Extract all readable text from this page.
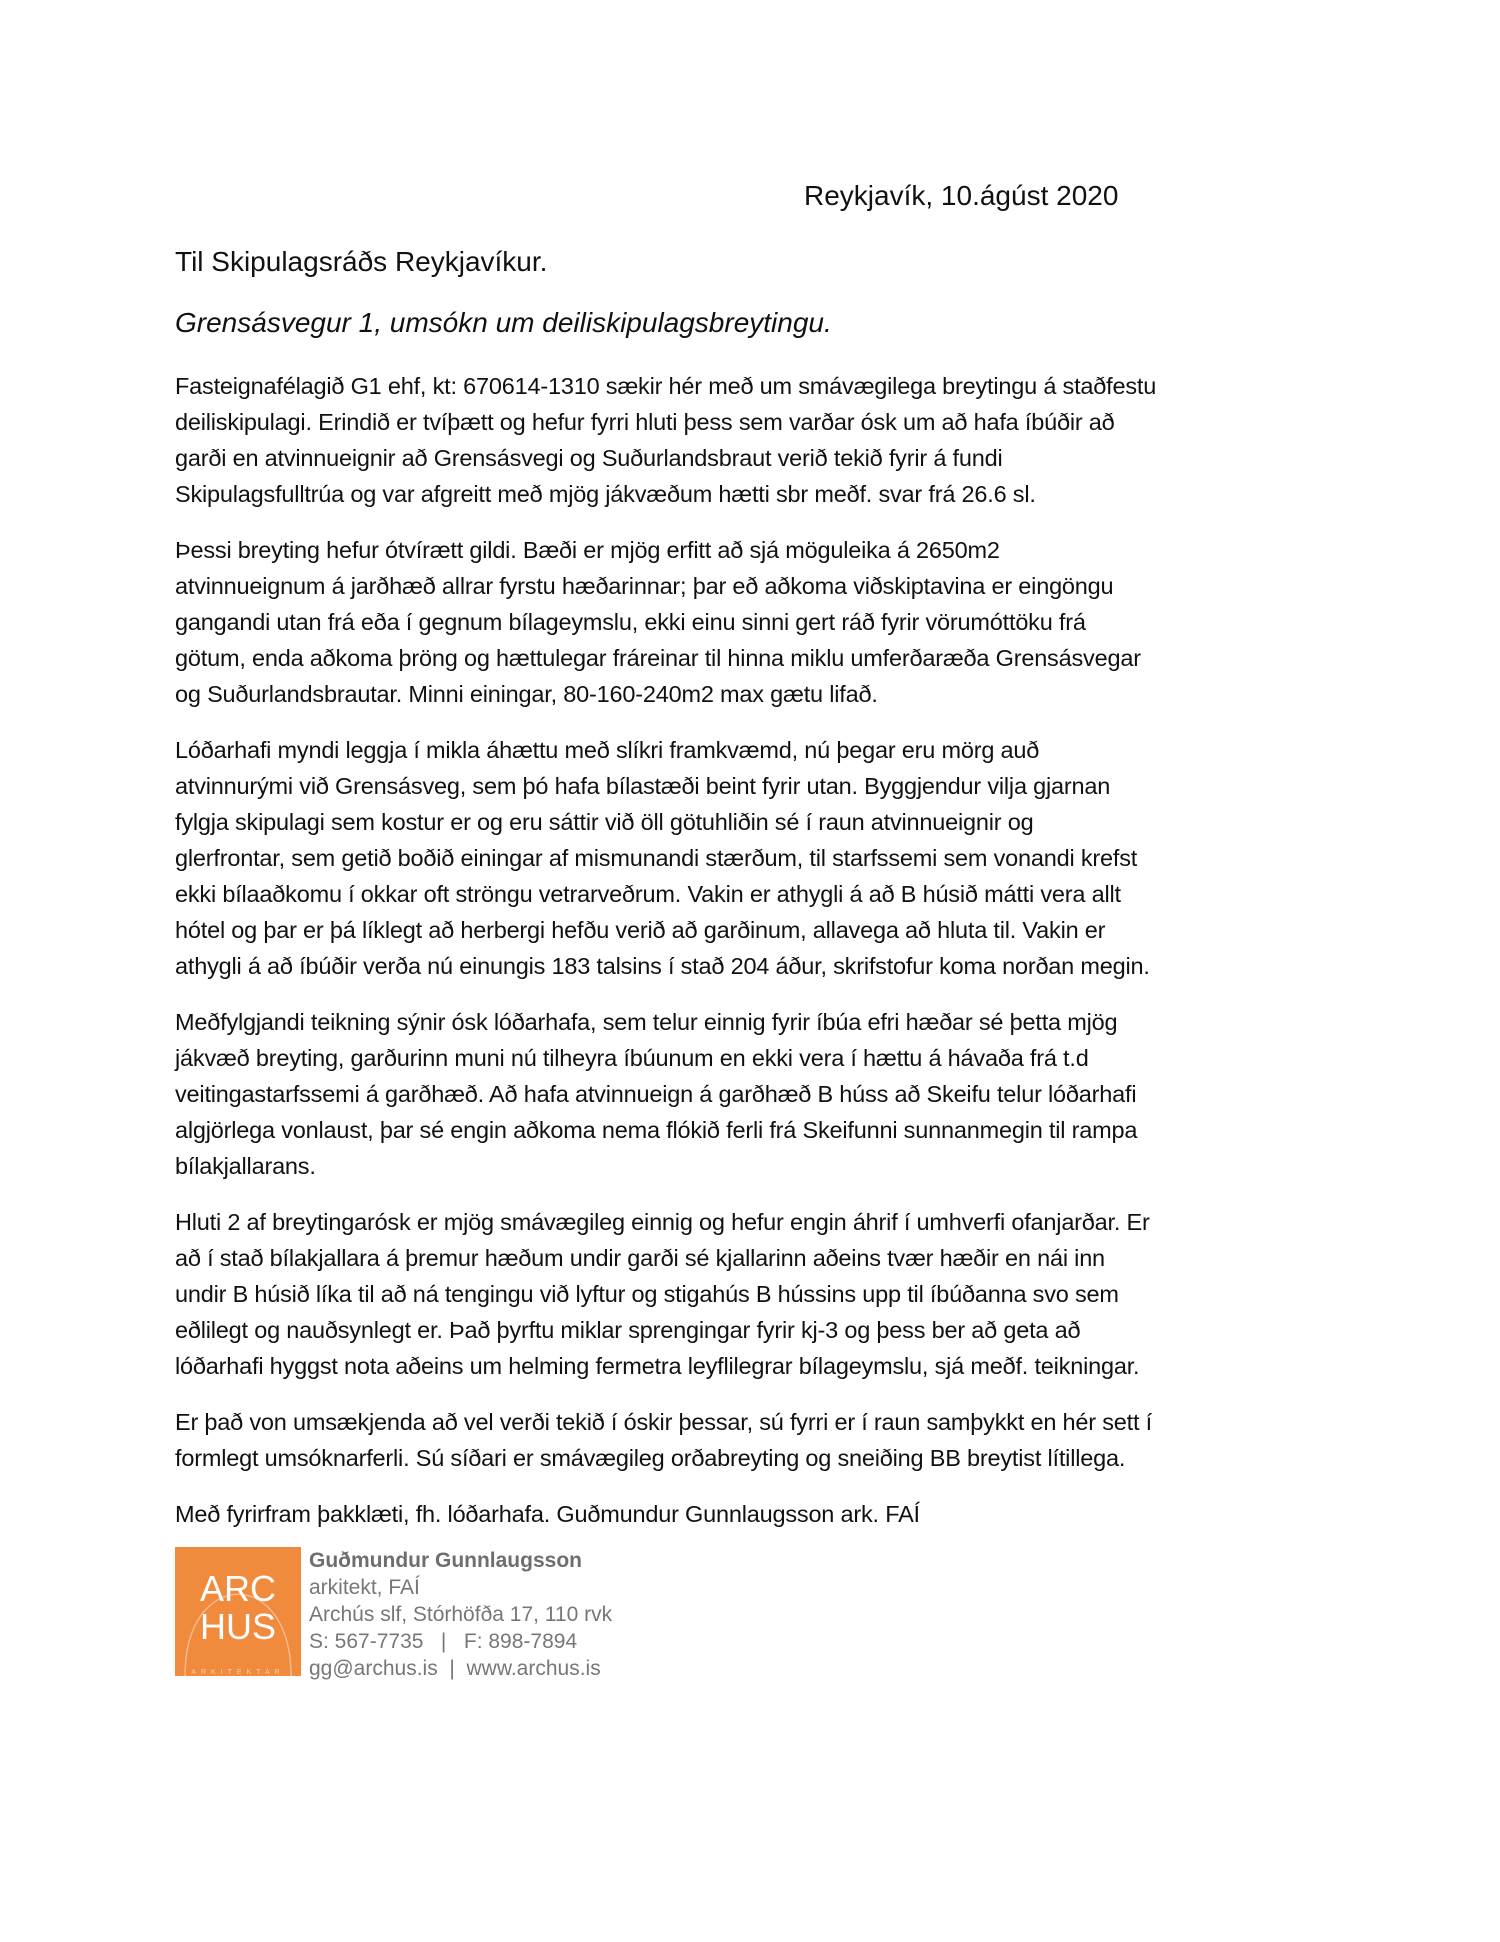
Reykjavík, 10.ágúst 2020
Til Skipulagsráðs Reykjavíkur.
Grensásvegur 1, umsókn um deiliskipulagsbreytingu.
Fasteignafélagið G1 ehf, kt: 670614-1310 sækir hér með um smávægilega breytingu á staðfestu
deiliskipulagi. Erindið er tvíþætt og hefur fyrri hluti þess sem varðar ósk um að hafa íbúðir að
garði en atvinnueignir að Grensásvegi og Suðurlandsbraut verið tekið fyrir á fundi
Skipulagsfulltrúa og var afgreitt með mjög jákvæðum hætti sbr meðf. svar frá 26.6 sl.
Þessi breyting hefur ótvírætt gildi. Bæði er mjög erfitt að sjá möguleika á 2650m2
atvinnueignum á jarðhæð allrar fyrstu hæðarinnar; þar eð aðkoma viðskiptavina er eingöngu
gangandi utan frá eða í gegnum bílageymslu, ekki einu sinni gert ráð fyrir vörumóttöku frá
götum, enda aðkoma þröng og hættulegar fráreinar til hinna miklu umferðaræða Grensásvegar
og Suðurlandsbrautar. Minni einingar, 80-160-240m2 max gætu lifað.
Lóðarhafi myndi leggja í mikla áhættu með slíkri framkvæmd, nú þegar eru mörg auð
atvinnurými við Grensásveg, sem þó hafa bílastæði beint fyrir utan. Byggjendur vilja gjarnan
fylgja skipulagi sem kostur er og eru sáttir við öll götuhliðin sé í raun atvinnueignir og
glerfrontar, sem getið boðið einingar af mismunandi stærðum, til starfssemi sem vonandi krefst
ekki bílaaðkomu í okkar oft ströngu vetrarveðrum. Vakin er athygli á að B húsið mátti vera allt
hótel og þar er þá líklegt að herbergi hefðu verið að garðinum, allavega að hluta til. Vakin er
athygli á að íbúðir verða nú einungis 183 talsins í stað 204 áður, skrifstofur koma norðan megin.
Meðfylgjandi teikning sýnir ósk lóðarhafa, sem telur einnig fyrir íbúa efri hæðar sé þetta mjög
jákvæð breyting, garðurinn muni nú tilheyra íbúunum en ekki vera í hættu á hávaða frá t.d
veitingastarfssemi á garðhæð. Að hafa atvinnueign á garðhæð B húss að Skeifu telur lóðarhafi
algjörlega vonlaust, þar sé engin aðkoma nema flókið ferli frá Skeifunni sunnanmegin til rampa
bílakjallarans.
Hluti 2 af breytingarósk er mjög smávægileg einnig og hefur engin áhrif í umhverfi ofanjarðar. Er
að í stað bílakjallara á þremur hæðum undir garði sé kjallarinn aðeins tvær hæðir en nái inn
undir B húsið líka til að ná tengingu við lyftur og stigahús B hússins upp til íbúðanna svo sem
eðlilegt og nauðsynlegt er. Það þyrftu miklar sprengingar fyrir kj-3 og þess ber að geta að
lóðarhafi hyggst nota aðeins um helming fermetra leyflilegrar bílageymslu, sjá meðf. teikningar.
Er það von umsækjenda að vel verði tekið í óskir þessar, sú fyrri er í raun samþykkt en hér sett í
formlegt umsóknarferli. Sú síðari er smávægileg orðabreyting og sneiðing BB breytist lítillega.
Með fyrirfram þakklæti, fh. lóðarhafa. Guðmundur Gunnlaugsson ark. FAÍ
ARC
HUS
ARKITEKTAR
Guðmundur Gunnlaugsson
arkitekt, FAÍ
Archús slf, Stórhöfða 17, 110 rvk
S: 567-7735   |   F: 898-7894
gg@archus.is  |  www.archus.is
